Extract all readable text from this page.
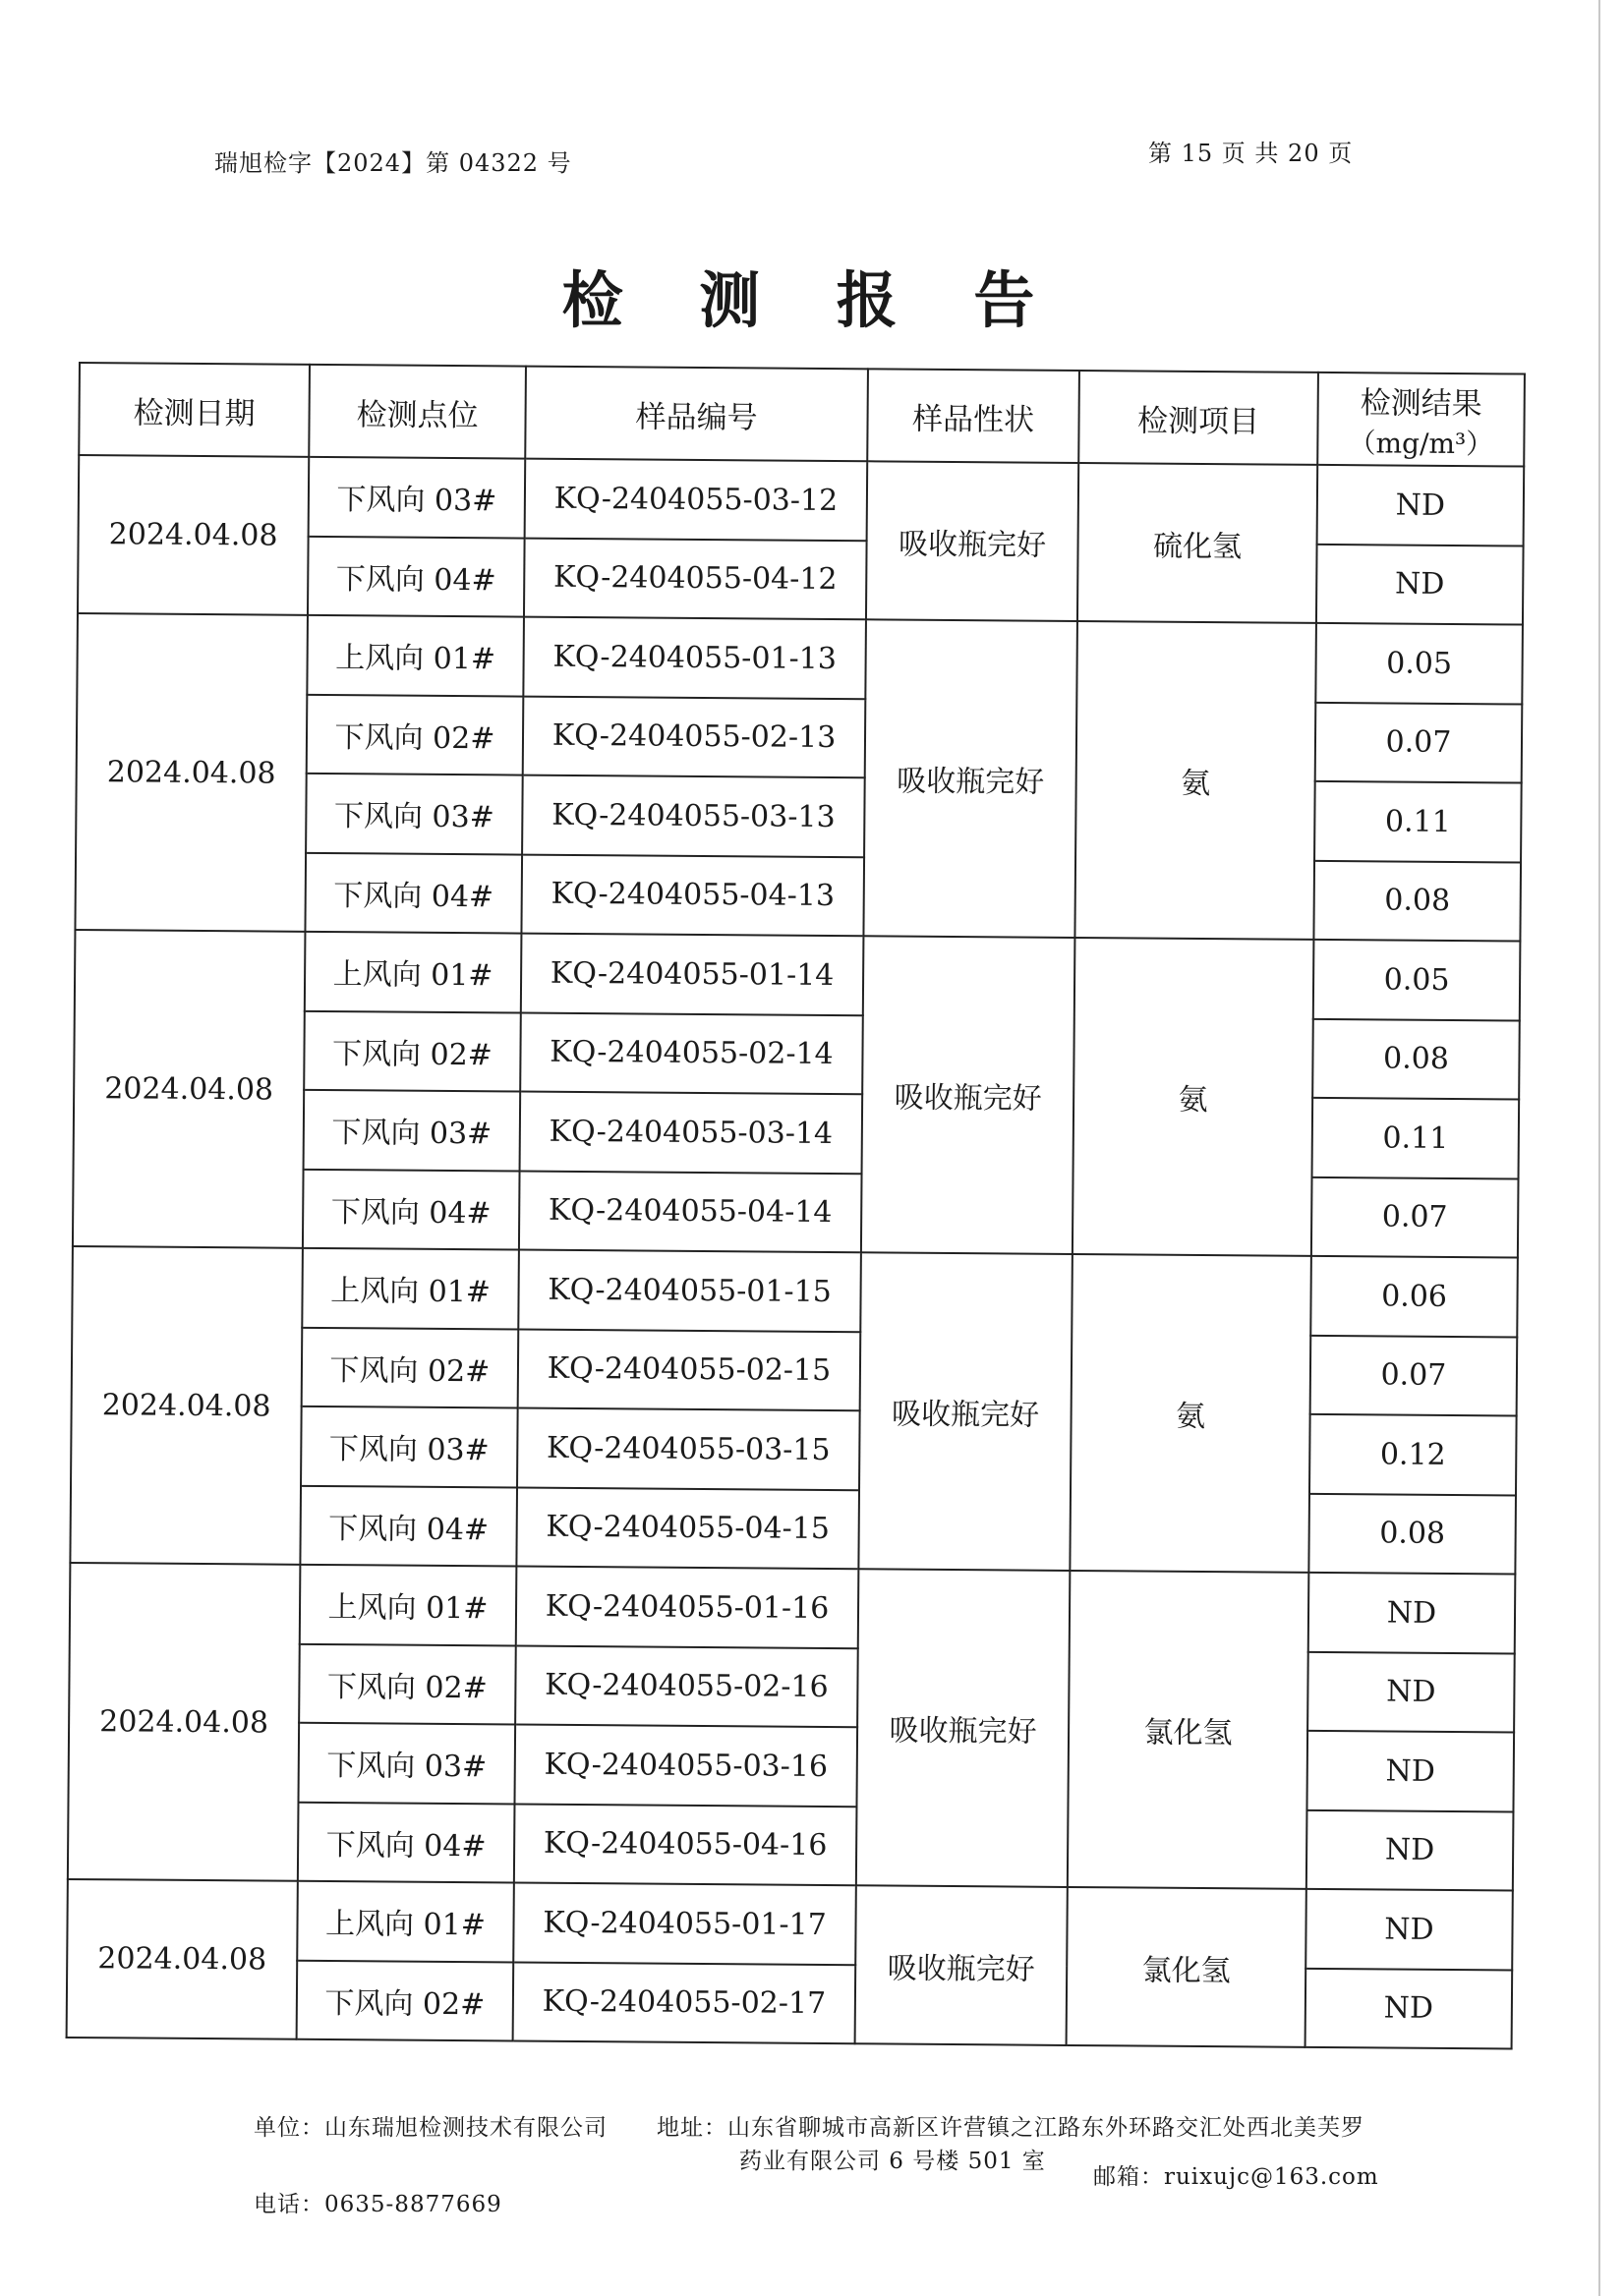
瑞旭检字【2024】第 04322 号	第 15 页 共 20 页
检 测 报 告
检测日期	检测点位	样品编号	样品性状	检测项目	检测结果
（mg/m³）

2024.04.08	下风向 03#	KQ-2404055-03-12	吸收瓶完好	硫化氢	ND
	下风向 04#	KQ-2404055-04-12			ND
2024.04.08	上风向 01#	KQ-2404055-01-13	吸收瓶完好	氨	0.05
	下风向 02#	KQ-2404055-02-13			0.07
	下风向 03#	KQ-2404055-03-13			0.11
	下风向 04#	KQ-2404055-04-13			0.08
2024.04.08	上风向 01#	KQ-2404055-01-14	吸收瓶完好	氨	0.05
	下风向 02#	KQ-2404055-02-14			0.08
	下风向 03#	KQ-2404055-03-14			0.11
	下风向 04#	KQ-2404055-04-14			0.07
2024.04.08	上风向 01#	KQ-2404055-01-15	吸收瓶完好	氨	0.06
	下风向 02#	KQ-2404055-02-15			0.07
	下风向 03#	KQ-2404055-03-15			0.12
	下风向 04#	KQ-2404055-04-15			0.08
2024.04.08	上风向 01#	KQ-2404055-01-16	吸收瓶完好	氯化氢	ND
	下风向 02#	KQ-2404055-02-16			ND
	下风向 03#	KQ-2404055-03-16			ND
	下风向 04#	KQ-2404055-04-16			ND
2024.04.08	上风向 01#	KQ-2404055-01-17	吸收瓶完好	氯化氢	ND
	下风向 02#	KQ-2404055-02-17			ND
单位：山东瑞旭检测技术有限公司 地址：山东省聊城市高新区许营镇之江路东外环路交汇处西北美芙罗
药业有限公司 6 号楼 501 室
电话：0635-8877669
邮箱：ruixujc@163.com
